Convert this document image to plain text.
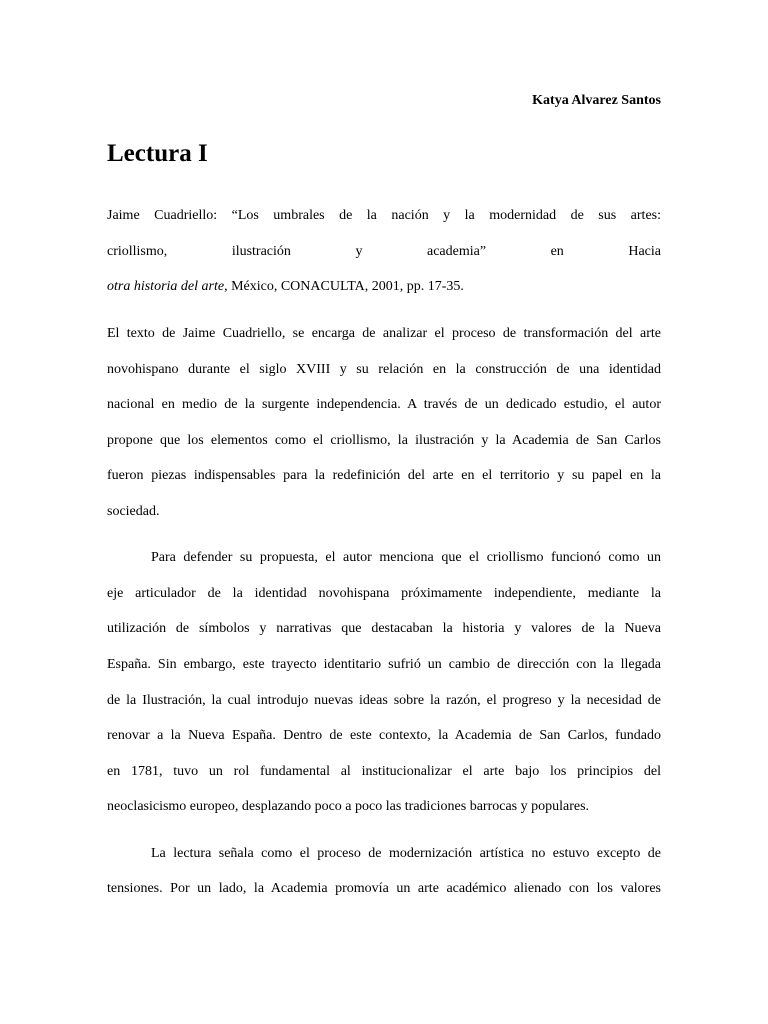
Katya Alvarez Santos
Lectura I
Jaime Cuadriello: “Los umbrales de la nación y la modernidad de sus artes:
criollismo, ilustración y academia” en Hacia
otra historia del arte, México, CONACULTA, 2001, pp. 17-35.
El texto de Jaime Cuadriello, se encarga de analizar el proceso de transformación del arte
novohispano durante el siglo XVIII y su relación en la construcción de una identidad
nacional en medio de la surgente independencia. A través de un dedicado estudio, el autor
propone que los elementos como el criollismo, la ilustración y la Academia de San Carlos
fueron piezas indispensables para la redefinición del arte en el territorio y su papel en la
sociedad.
Para defender su propuesta, el autor menciona que el criollismo funcionó como un
eje articulador de la identidad novohispana próximamente independiente, mediante la
utilización de símbolos y narrativas que destacaban la historia y valores de la Nueva
España. Sin embargo, este trayecto identitario sufrió un cambio de dirección con la llegada
de la Ilustración, la cual introdujo nuevas ideas sobre la razón, el progreso y la necesidad de
renovar a la Nueva España. Dentro de este contexto, la Academia de San Carlos, fundado
en 1781, tuvo un rol fundamental al institucionalizar el arte bajo los principios del
neoclasicismo europeo, desplazando poco a poco las tradiciones barrocas y populares.
La lectura señala como el proceso de modernización artística no estuvo excepto de
tensiones. Por un lado, la Academia promovía un arte académico alienado con los valores
